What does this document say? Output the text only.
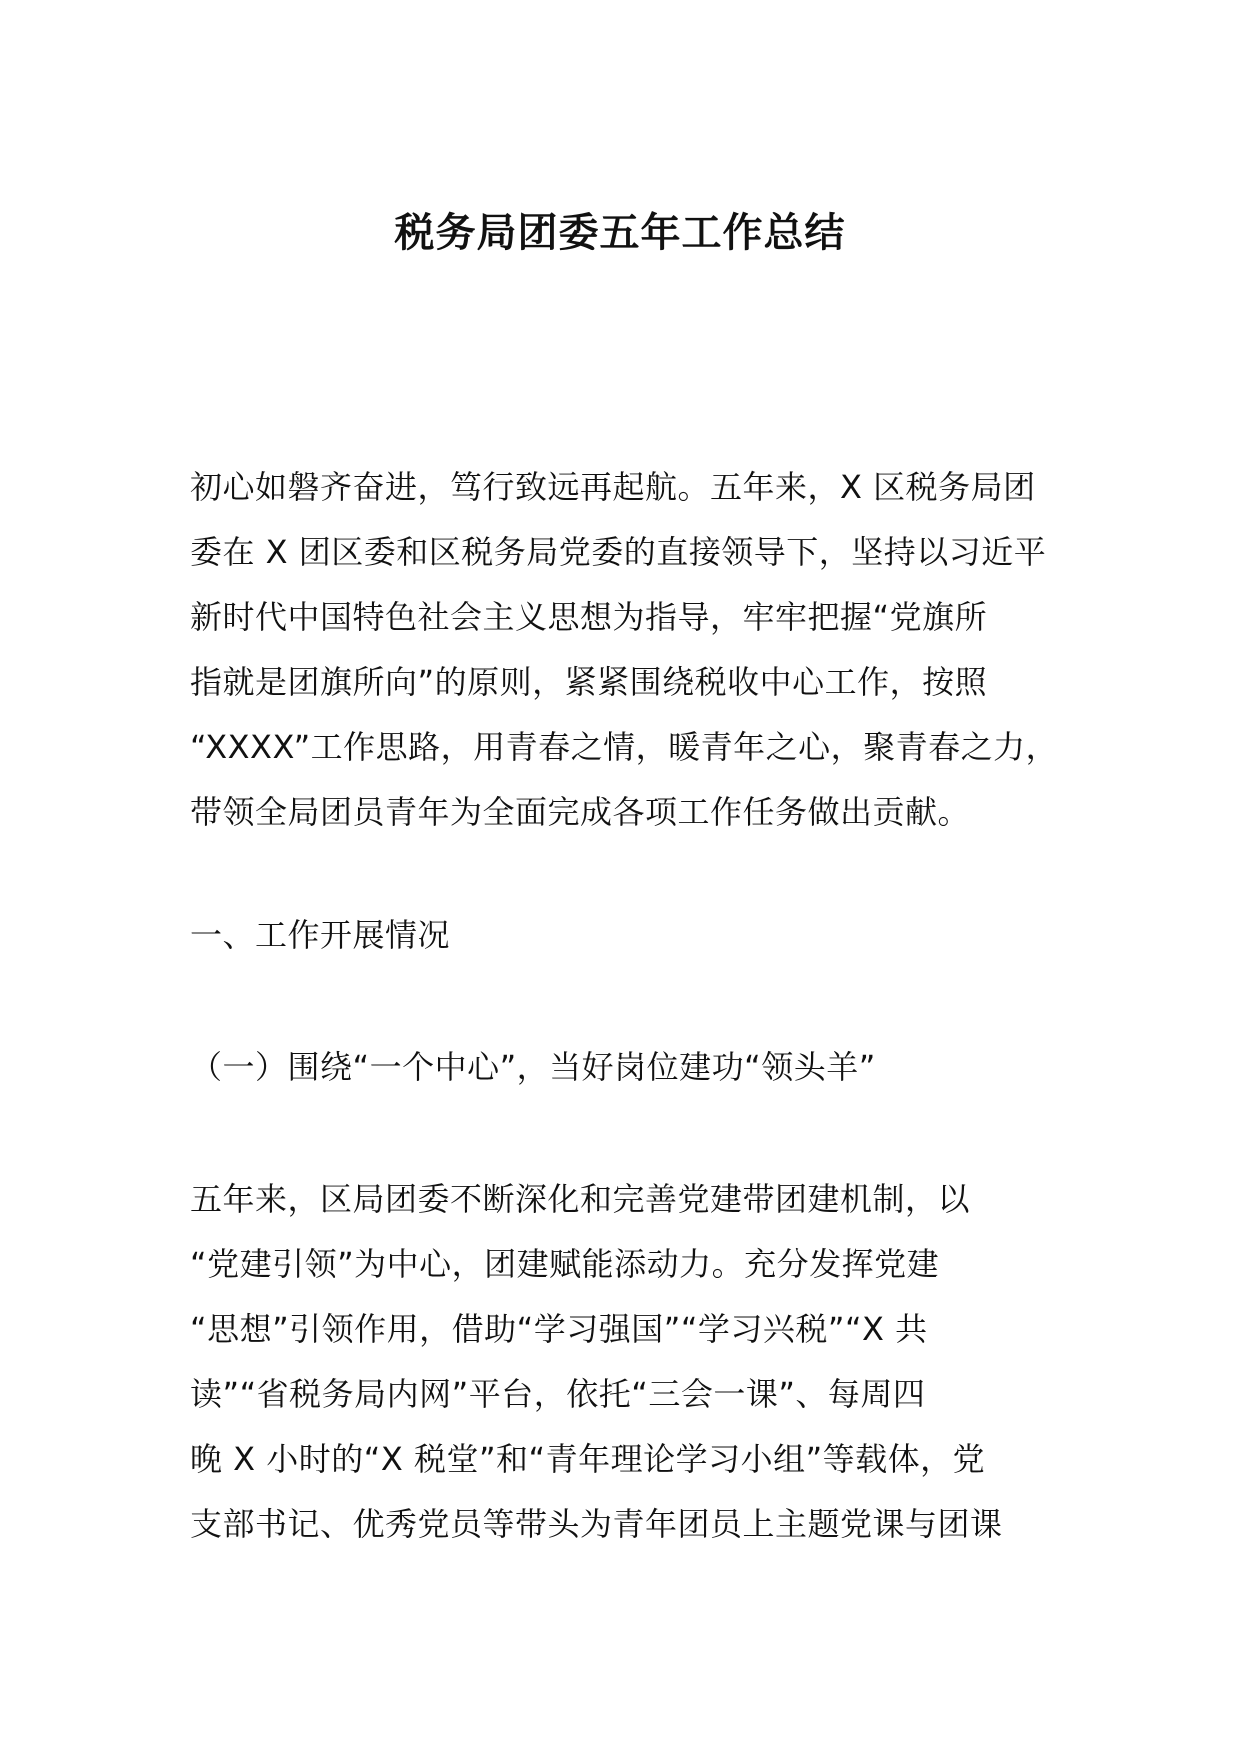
税务局团委五年工作总结
初心如磐齐奋进，笃行致远再起航。五年来，X 区税务局团
委在 X 团区委和区税务局党委的直接领导下，坚持以习近平
新时代中国特色社会主义思想为指导，牢牢把握“党旗所
指就是团旗所向”的原则，紧紧围绕税收中心工作，按照
“XXXX”工作思路，用青春之情，暖青年之心，聚青春之力，
带领全局团员青年为全面完成各项工作任务做出贡献。
一、工作开展情况
（一）围绕“一个中心”，当好岗位建功“领头羊”
五年来，区局团委不断深化和完善党建带团建机制，以
“党建引领”为中心，团建赋能添动力。充分发挥党建
“思想”引领作用，借助“学习强国”“学习兴税”“X 共
读”“省税务局内网”平台，依托“三会一课”、每周四
晚 X 小时的“X 税堂”和“青年理论学习小组”等载体，党
支部书记、优秀党员等带头为青年团员上主题党课与团课
